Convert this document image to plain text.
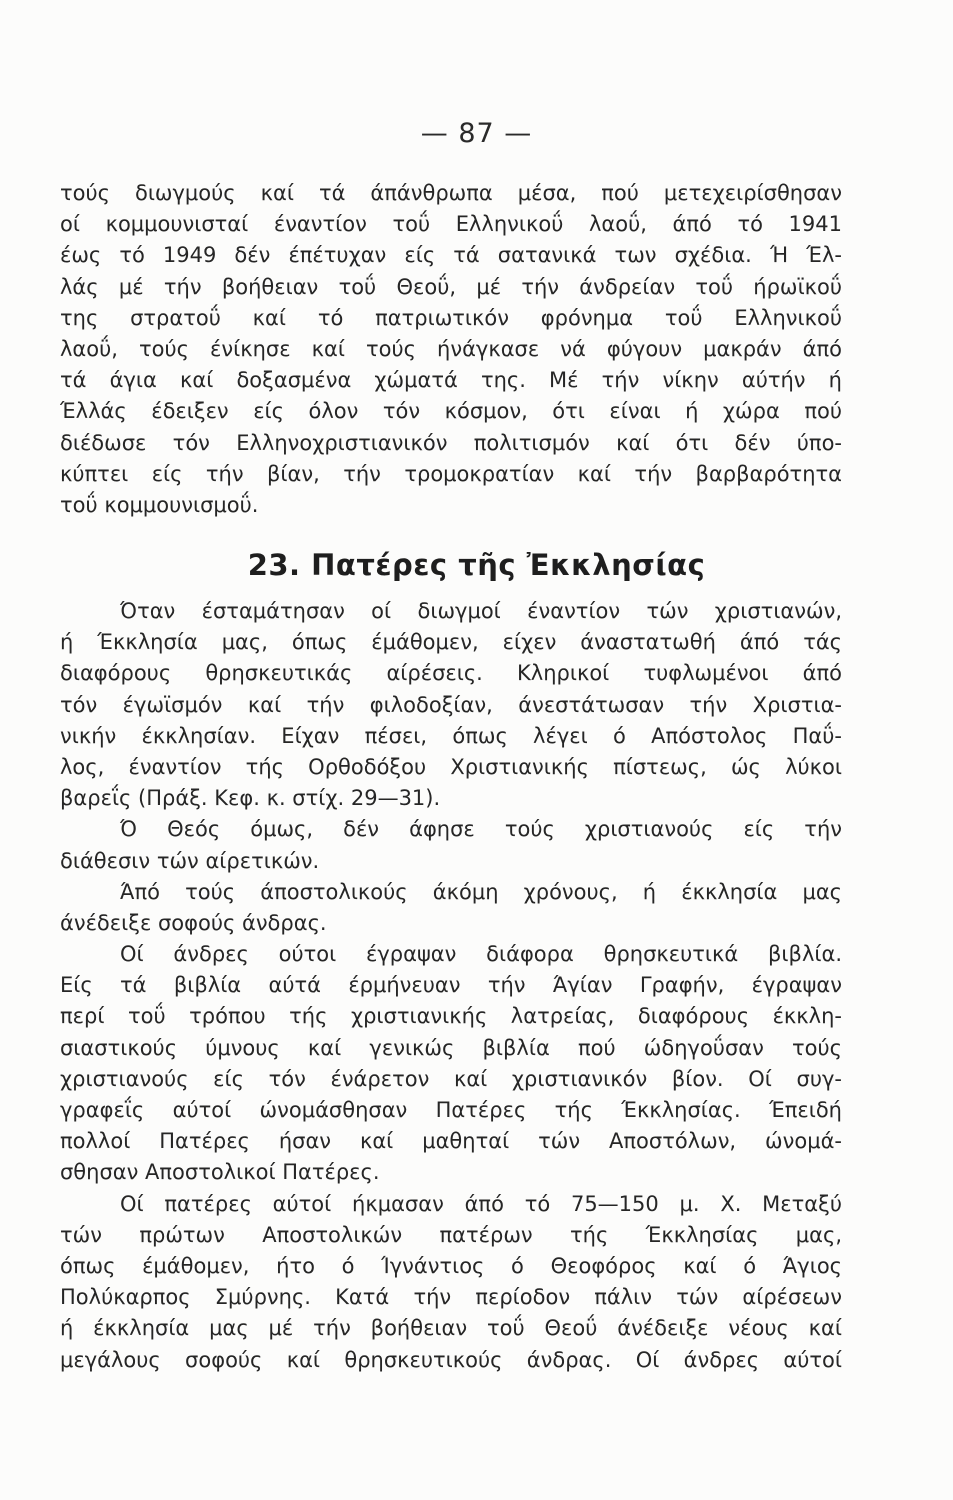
— 87 —
τούς διωγμούς καί τά άπάνθρωπα μέσα, πού μετεχειρίσθησαν
οί κομμουνισταί έναντίον τοΰ Ελληνικοΰ λαοΰ, άπό τό 1941
έως τό 1949 δέν έπέτυχαν είς τά σατανικά των σχέδια. Ή Έλ-
λάς μέ τήν βοήθειαν τοΰ Θεοΰ, μέ τήν άνδρείαν τοΰ ήρωϊκοΰ
της στρατοΰ καί τό πατριωτικόν φρόνημα τοΰ Ελληνικοΰ
λαοΰ, τούς ένίκησε καί τούς ήνάγκασε νά φύγουν μακράν άπό
τά άγια καί δοξασμένα χώματά της. Μέ τήν νίκην αύτήν ή
Έλλάς έδειξεν είς όλον τόν κόσμον, ότι είναι ή χώρα πού
διέδωσε τόν Ελληνοχριστιανικόν πολιτισμόν καί ότι δέν ύπο-
κύπτει είς τήν βίαν, τήν τρομοκρατίαν καί τήν βαρβαρότητα
τοΰ κομμουνισμοΰ.
23. Πατέρες τῆς Ἐκκλησίας
Όταν έσταμάτησαν οί διωγμοί έναντίον τών χριστιανών,
ή Έκκλησία μας, όπως έμάθομεν, είχεν άναστατωθή άπό τάς
διαφόρους θρησκευτικάς αίρέσεις. Κληρικοί τυφλωμένοι άπό
τόν έγωϊσμόν καί τήν φιλοδοξίαν, άνεστάτωσαν τήν Χριστια-
νικήν έκκλησίαν. Είχαν πέσει, όπως λέγει ό Απόστολος Παΰ-
λος, έναντίον τής Ορθοδόξου Χριστιανικής πίστεως, ώς λύκοι
βαρεΐς (Πράξ. Κεφ. κ. στίχ. 29—31).
Ό Θεός όμως, δέν άφησε τούς χριστιανούς είς τήν
διάθεσιν τών αίρετικών.
Άπό τούς άποστολικούς άκόμη χρόνους, ή έκκλησία μας
άνέδειξε σοφούς άνδρας.
Οί άνδρες ούτοι έγραψαν διάφορα θρησκευτικά βιβλία.
Είς τά βιβλία αύτά έρμήνευαν τήν Άγίαν Γραφήν, έγραψαν
περί τοΰ τρόπου τής χριστιανικής λατρείας, διαφόρους έκκλη-
σιαστικούς ύμνους καί γενικώς βιβλία πού ώδηγοΰσαν τούς
χριστιανούς είς τόν ένάρετον καί χριστιανικόν βίον. Οί συγ-
γραφεΐς αύτοί ώνομάσθησαν Πατέρες τής Έκκλησίας. Έπειδή
πολλοί Πατέρες ήσαν καί μαθηταί τών Αποστόλων, ώνομά-
σθησαν Αποστολικοί Πατέρες.
Οί πατέρες αύτοί ήκμασαν άπό τό 75—150 μ. Χ. Μεταξύ
τών πρώτων Αποστολικών πατέρων τής Έκκλησίας μας,
όπως έμάθομεν, ήτο ό Ίγνάντιος ό Θεοφόρος καί ό Άγιος
Πολύκαρπος Σμύρνης. Κατά τήν περίοδον πάλιν τών αίρέσεων
ή έκκλησία μας μέ τήν βοήθειαν τοΰ Θεοΰ άνέδειξε νέους καί
μεγάλους σοφούς καί θρησκευτικούς άνδρας. Οί άνδρες αύτοί
